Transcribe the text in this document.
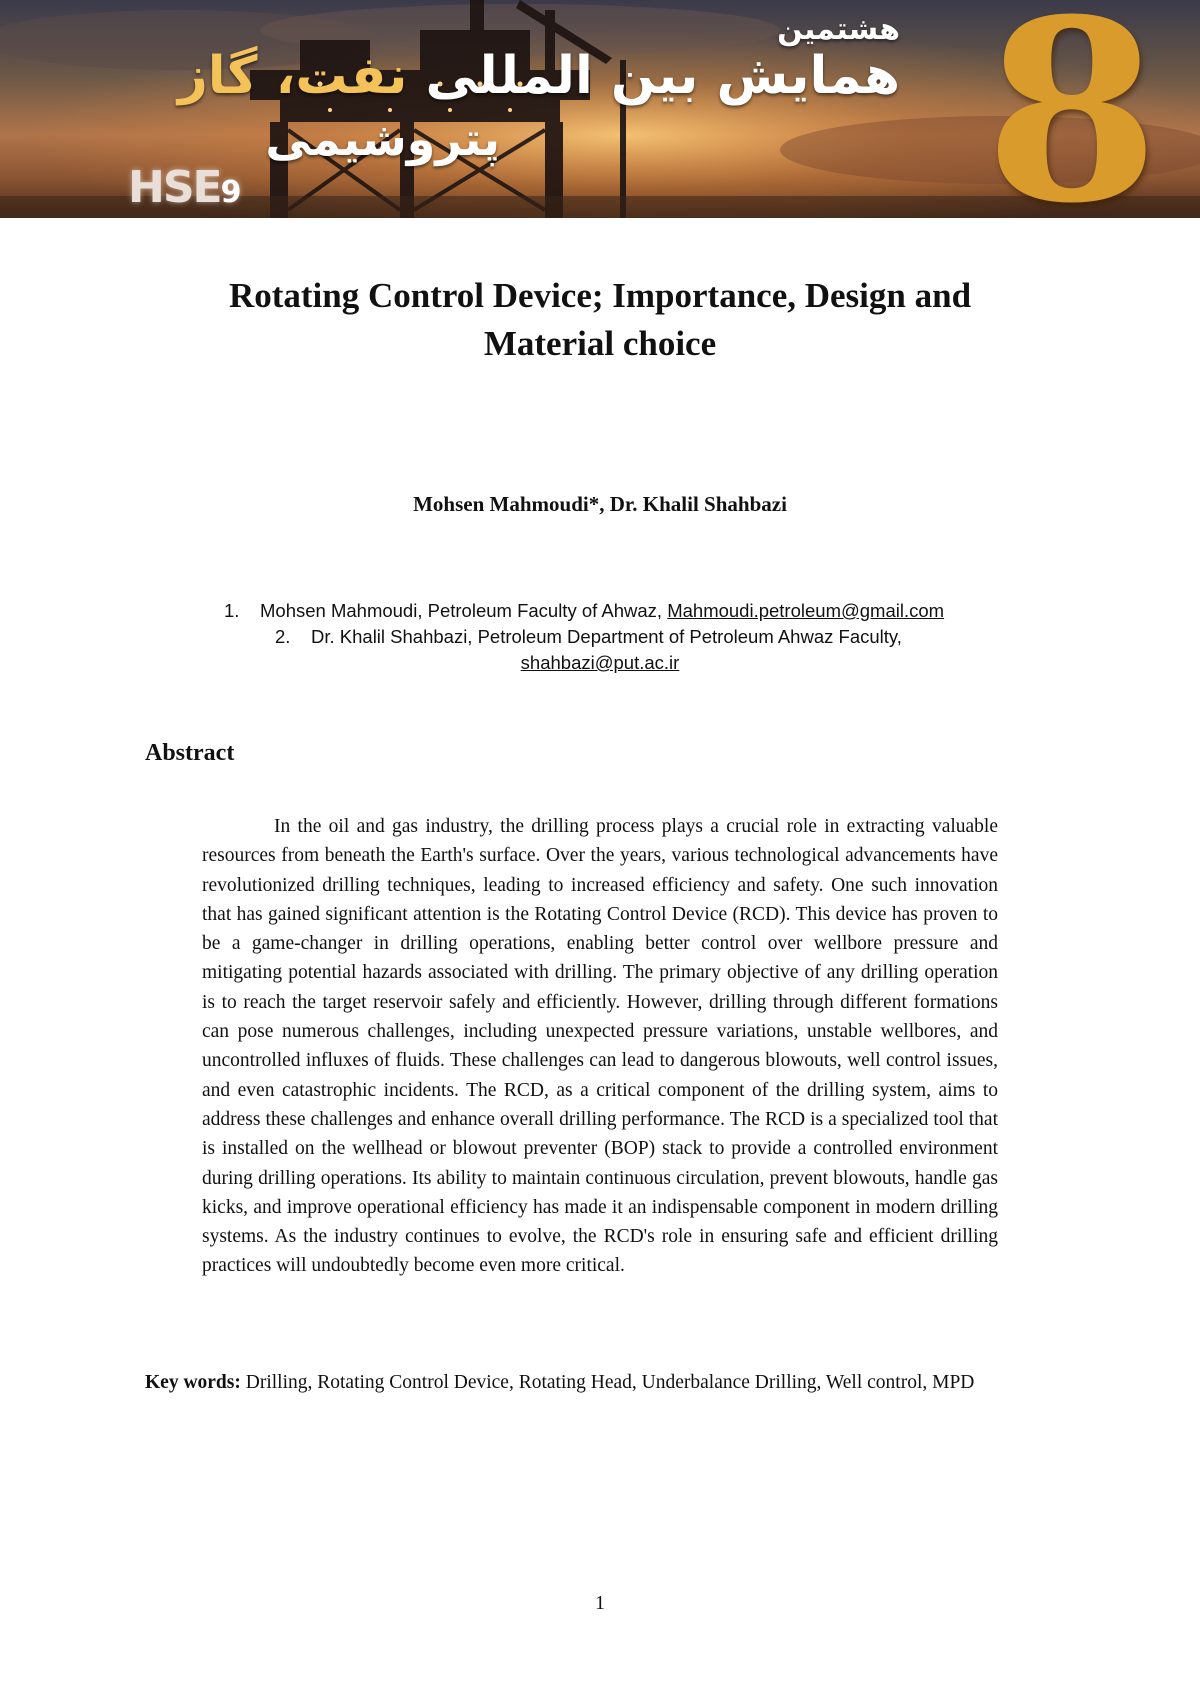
هشتمین
همایش بین المللی نفت، گاز
پتروشیمی
HSE9	8
Rotating Control Device; Importance, Design and
Material choice

Mohsen Mahmoudi*, Dr. Khalil Shahbazi

1. Mohsen Mahmoudi, Petroleum Faculty of Ahwaz, Mahmoudi.petroleum@gmail.com
2. Dr. Khalil Shahbazi, Petroleum Department of Petroleum Ahwaz Faculty,
shahbazi@put.ac.ir
Abstract

In the oil and gas industry, the drilling process plays a crucial role in extracting valuable resources from beneath the Earth's surface. Over the years, various technological advancements have revolutionized drilling techniques, leading to increased efficiency and safety. One such innovation that has gained significant attention is the Rotating Control Device (RCD). This device has proven to be a game-changer in drilling operations, enabling better control over wellbore pressure and mitigating potential hazards associated with drilling. The primary objective of any drilling operation is to reach the target reservoir safely and efficiently. However, drilling through different formations can pose numerous challenges, including unexpected pressure variations, unstable wellbores, and uncontrolled influxes of fluids. These challenges can lead to dangerous blowouts, well control issues, and even catastrophic incidents. The RCD, as a critical component of the drilling system, aims to address these challenges and enhance overall drilling performance. The RCD is a specialized tool that is installed on the wellhead or blowout preventer (BOP) stack to provide a controlled environment during drilling operations. Its ability to maintain continuous circulation, prevent blowouts, handle gas kicks, and improve operational efficiency has made it an indispensable component in modern drilling systems. As the industry continues to evolve, the RCD's role in ensuring safe and efficient drilling practices will undoubtedly become even more critical.

Key words: Drilling, Rotating Control Device, Rotating Head, Underbalance Drilling, Well control, MPD

1
